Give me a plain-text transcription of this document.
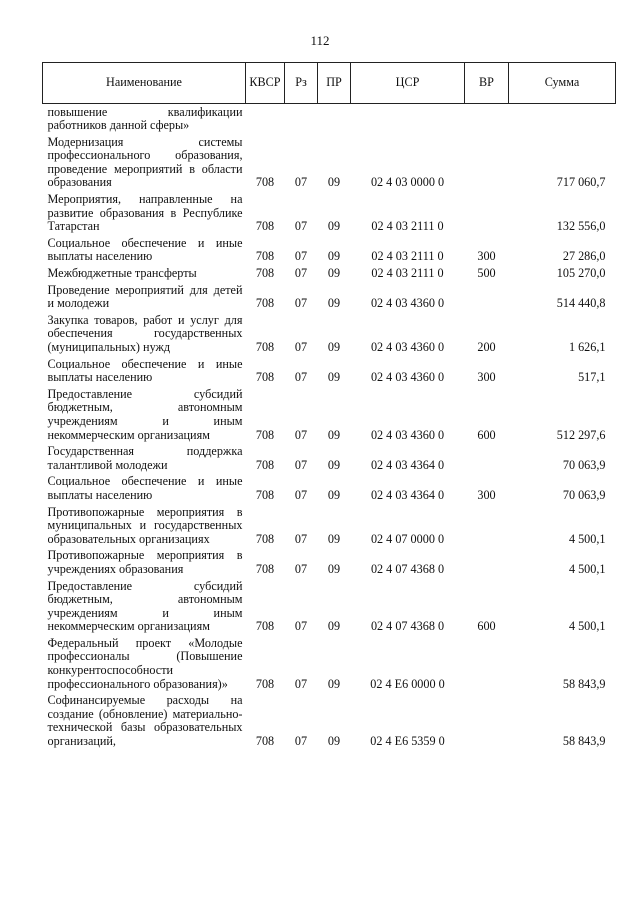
112
Наименование	КВСР	Рз	ПР	ЦСР	ВР	Сумма
повышение квалификации работников данной сферы»						
Модернизация системы профессионального образования, проведение мероприятий в области образования	708	07	09	02 4 03 0000 0		717 060,7
Мероприятия, направленные на развитие образования в Республике Татарстан	708	07	09	02 4 03 2111 0		132 556,0
Социальное обеспечение и иные выплаты населению	708	07	09	02 4 03 2111 0	300	27 286,0
Межбюджетные трансферты	708	07	09	02 4 03 2111 0	500	105 270,0
Проведение мероприятий для детей и молодежи	708	07	09	02 4 03 4360 0		514 440,8
Закупка товаров, работ и услуг для обеспечения государственных (муниципальных) нужд	708	07	09	02 4 03 4360 0	200	1 626,1
Социальное обеспечение и иные выплаты населению	708	07	09	02 4 03 4360 0	300	517,1
Предоставление субсидий бюджетным, автономным учреждениям и иным некоммерческим организациям	708	07	09	02 4 03 4360 0	600	512 297,6
Государственная поддержка талантливой молодежи	708	07	09	02 4 03 4364 0		70 063,9
Социальное обеспечение и иные выплаты населению	708	07	09	02 4 03 4364 0	300	70 063,9
Противопожарные мероприятия в муниципальных и государственных образовательных организациях	708	07	09	02 4 07 0000 0		4 500,1
Противопожарные мероприятия в учреждениях образования	708	07	09	02 4 07 4368 0		4 500,1
Предоставление субсидий бюджетным, автономным учреждениям и иным некоммерческим организациям	708	07	09	02 4 07 4368 0	600	4 500,1
Федеральный проект «Молодые профессионалы (Повышение конкурентоспособности профессионального образования)»	708	07	09	02 4 E6 0000 0		58 843,9
Софинансируемые расходы на создание (обновление) материально-технической базы образовательных организаций,	708	07	09	02 4 E6 5359 0		58 843,9
